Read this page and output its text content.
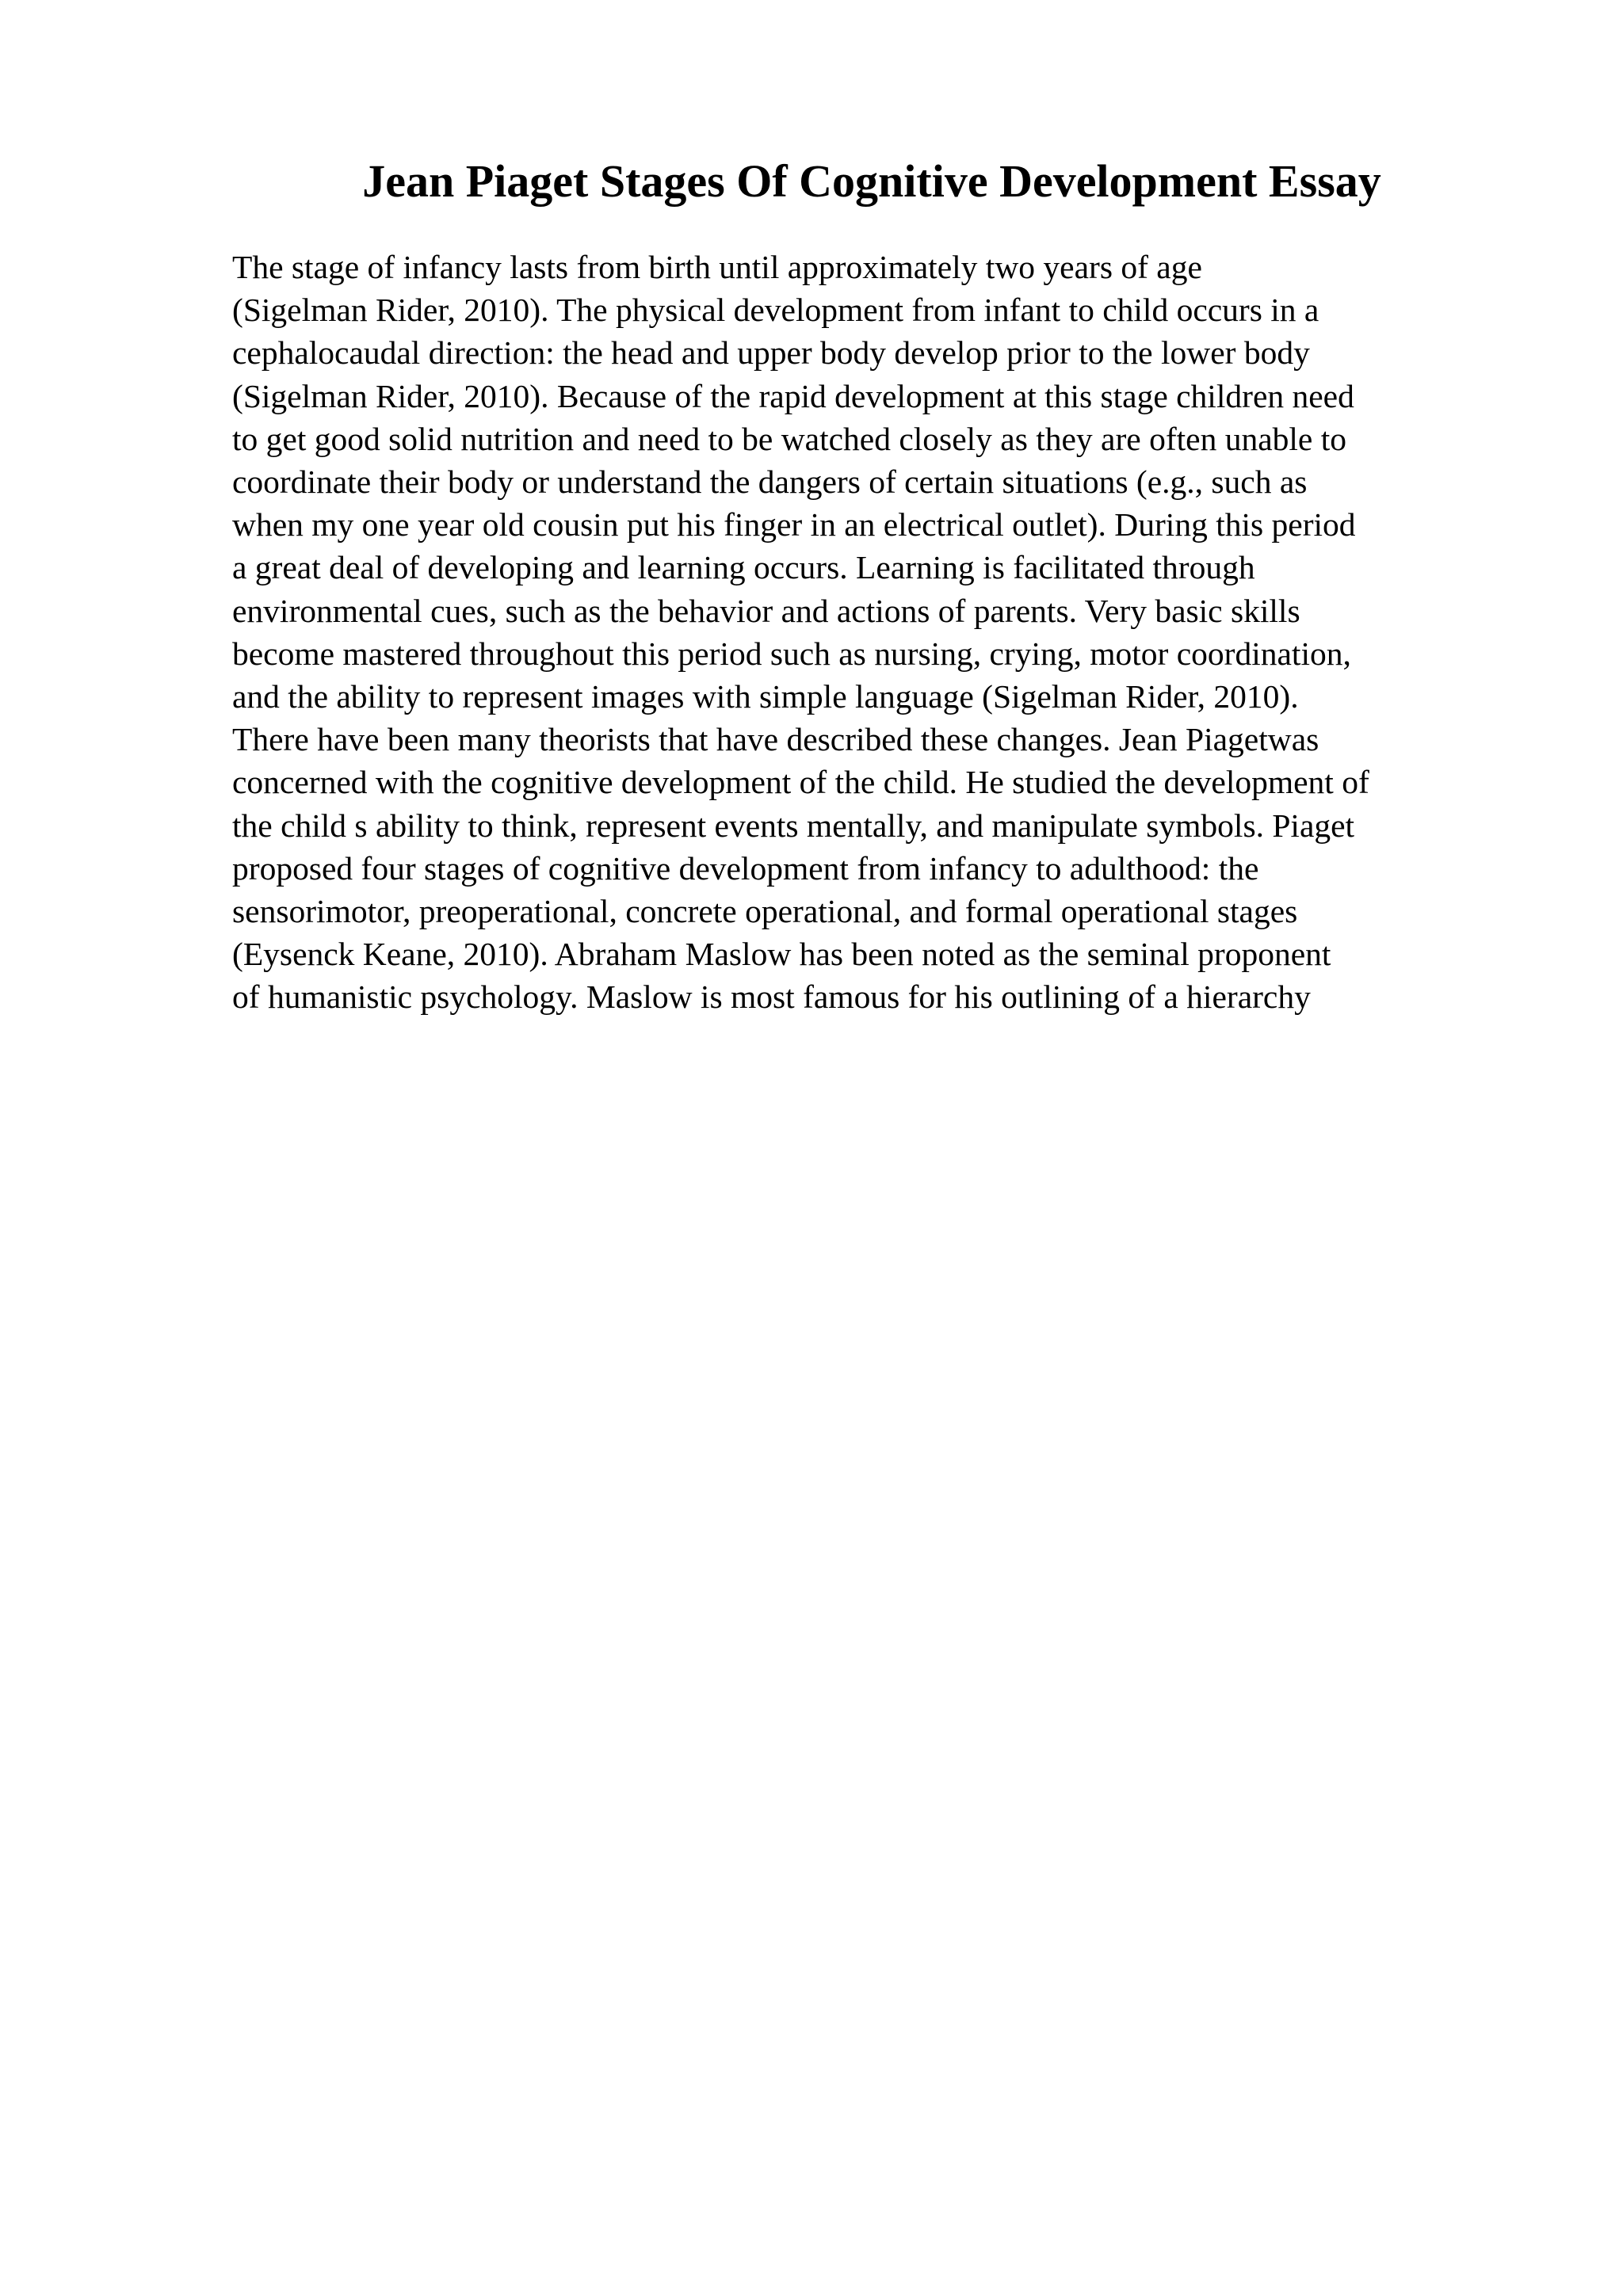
Jean Piaget Stages Of Cognitive Development Essay
The stage of infancy lasts from birth until approximately two years of age
(Sigelman Rider, 2010). The physical development from infant to child occurs in a
cephalocaudal direction: the head and upper body develop prior to the lower body
(Sigelman Rider, 2010). Because of the rapid development at this stage children need
to get good solid nutrition and need to be watched closely as they are often unable to
coordinate their body or understand the dangers of certain situations (e.g., such as
when my one year old cousin put his finger in an electrical outlet). During this period
a great deal of developing and learning occurs. Learning is facilitated through
environmental cues, such as the behavior and actions of parents. Very basic skills
become mastered throughout this period such as nursing, crying, motor coordination,
and the ability to represent images with simple language (Sigelman Rider, 2010).
There have been many theorists that have described these changes. Jean Piagetwas
concerned with the cognitive development of the child. He studied the development of
the child s ability to think, represent events mentally, and manipulate symbols. Piaget
proposed four stages of cognitive development from infancy to adulthood: the
sensorimotor, preoperational, concrete operational, and formal operational stages
(Eysenck Keane, 2010). Abraham Maslow has been noted as the seminal proponent
of humanistic psychology. Maslow is most famous for his outlining of a hierarchy
